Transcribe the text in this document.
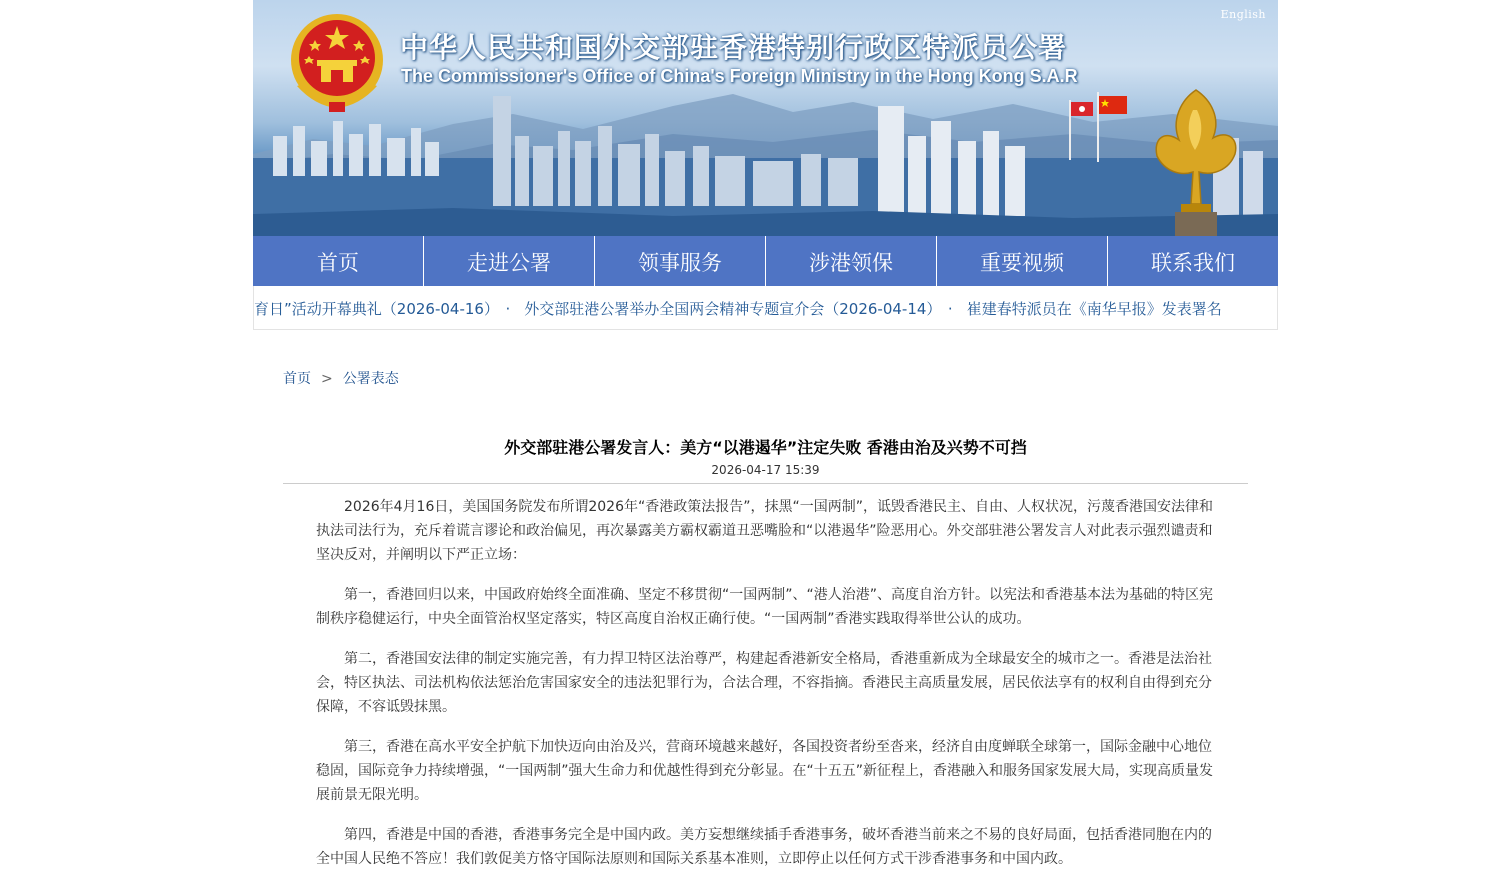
English
中华人民共和国外交部驻香港特别行政区特派员公署
The Commissioner's Office of China's Foreign Ministry in the Hong Kong S.A.R
首页	走进公署	领事服务	涉港领保	重要视频	联系我们
育日”活动开幕典礼（2026-04-16） · 外交部驻港公署举办全国两会精神专题宣介会（2026-04-14） · 崔建春特派员在《南华早报》发表署名
首页 > 公署表态
外交部驻港公署发言人：美方“以港遏华”注定失败 香港由治及兴势不可挡
2026-04-17 15:39

2026年4月16日，美国国务院发布所谓2026年“香港政策法报告”，抹黑“一国两制”，诋毁香港民主、自由、人权状况，污蔑香港国安法律和执法司法行为，充斥着谎言谬论和政治偏见，再次暴露美方霸权霸道丑恶嘴脸和“以港遏华”险恶用心。外交部驻港公署发言人对此表示强烈谴责和坚决反对，并阐明以下严正立场：

第一，香港回归以来，中国政府始终全面准确、坚定不移贯彻“一国两制”、“港人治港”、高度自治方针。以宪法和香港基本法为基础的特区宪制秩序稳健运行，中央全面管治权坚定落实，特区高度自治权正确行使。“一国两制”香港实践取得举世公认的成功。

第二，香港国安法律的制定实施完善，有力捍卫特区法治尊严，构建起香港新安全格局，香港重新成为全球最安全的城市之一。香港是法治社会，特区执法、司法机构依法惩治危害国家安全的违法犯罪行为，合法合理，不容指摘。香港民主高质量发展，居民依法享有的权利自由得到充分保障，不容诋毁抹黑。

第三，香港在高水平安全护航下加快迈向由治及兴，营商环境越来越好，各国投资者纷至沓来，经济自由度蝉联全球第一，国际金融中心地位稳固，国际竞争力持续增强，“一国两制”强大生命力和优越性得到充分彰显。在“十五五”新征程上，香港融入和服务国家发展大局，实现高质量发展前景无限光明。

第四，香港是中国的香港，香港事务完全是中国内政。美方妄想继续插手香港事务，破坏香港当前来之不易的良好局面，包括香港同胞在内的全中国人民绝不答应！我们敦促美方恪守国际法原则和国际关系基本准则，立即停止以任何方式干涉香港事务和中国内政。
